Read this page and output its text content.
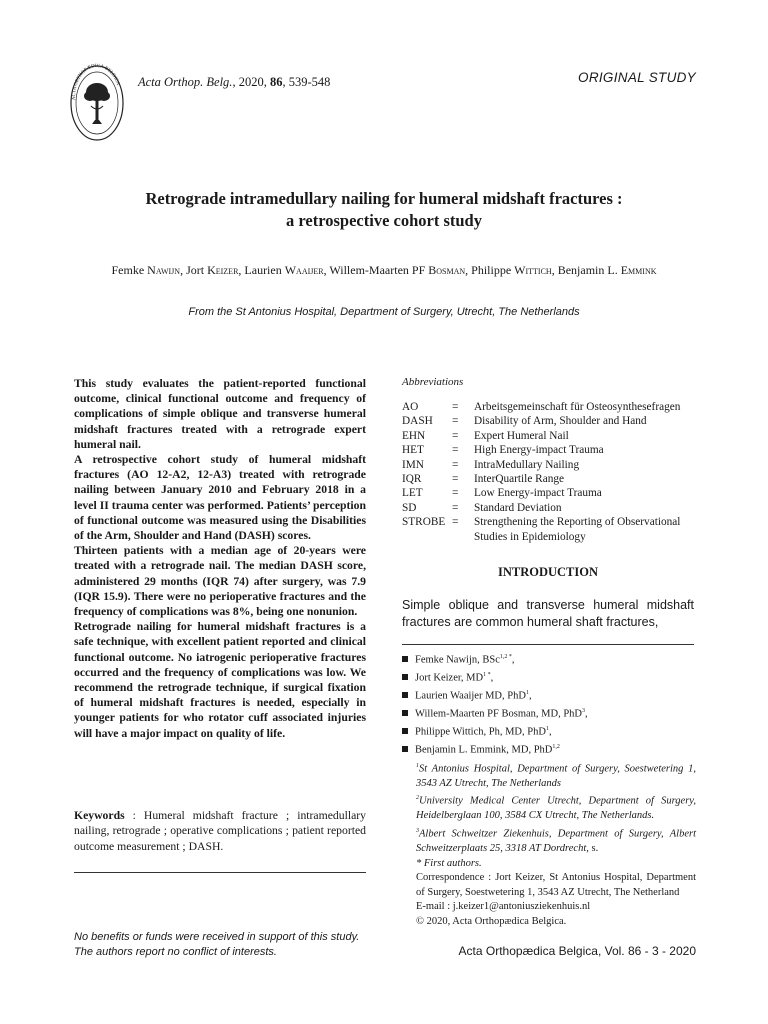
ACTA ORTHOPÆDICA BELGICA Acta Orthop. Belg., 2020, 86, 539-548	ORIGINAL STUDY
Retrograde intramedullary nailing for humeral midshaft fractures :
a retrospective cohort study
Femke Nawijn, Jort Keizer, Laurien Waaijer, Willem-Maarten PF Bosman, Philippe Wittich, Benjamin L. Emmink
From the St Antonius Hospital, Department of Surgery, Utrecht, The Netherlands

This study evaluates the patient-reported functional outcome, clinical functional outcome and frequency of complications of simple oblique and transverse humeral midshaft fractures treated with a retrograde expert humeral nail.

A retrospective cohort study of humeral midshaft fractures (AO 12-A2, 12-A3) treated with retrograde nailing between January 2010 and February 2018 in a level II trauma center was performed. Patients’ perception of functional outcome was measured using the Disabilities of the Arm, Shoulder and Hand (DASH) scores.

Thirteen patients with a median age of 20-years were treated with a retrograde nail. The median DASH score, administered 29 months (IQR 74) after surgery, was 7.9 (IQR 15.9). There were no perioperative fractures and the frequency of complications was 8%, being one nonunion.

Retrograde nailing for humeral midshaft fractures is a safe technique, with excellent patient reported and clinical functional outcome. No iatrogenic perioperative fractures occurred and the frequency of complications was low. We recommend the retrograde technique, if surgical fixation of humeral midshaft fractures is needed, especially in younger patients for who rotator cuff associated injuries will have a major impact on quality of life.

Keywords : Humeral midshaft fracture ; intramedullary nailing, retrograde ; operative complications ; patient reported outcome measurement ; DASH.
Abbreviations
AO	=	Arbeitsgemeinschaft für Osteosynthesefragen
DASH	=	Disability of Arm, Shoulder and Hand
EHN	=	Expert Humeral Nail
HET	=	High Energy-impact Trauma
IMN	=	IntraMedullary Nailing
IQR	=	InterQuartile Range
LET	=	Low Energy-impact Trauma
SD	=	Standard Deviation
STROBE	=	Strengthening the Reporting of Observational Studies in Epidemiology
INTRODUCTION
Simple oblique and transverse humeral midshaft fractures are common humeral shaft fractures,
Femke Nawijn, BSc$^{1,2 *}$,
Jort Keizer, $MD^{1 *}$,
Laurien Waaijer MD, PhD$^1$,
Willem-Maarten PF Bosman, MD, PhD$^3$,
Philippe Wittich, Ph, MD, PhD$^1$,
Benjamin L. Emmink, MD, PhD$^{1,2}$
$^1$St Antonius Hospital, Department of Surgery, Soestwetering 1, 3543 AZ Utrecht, The Netherlands
$^2$University Medical Center Utrecht, Department of Surgery, Heidelberglaan 100, 3584 CX Utrecht, The Netherlands.
$^3$Albert Schweitzer Ziekenhuis, Department of Surgery, Albert Schweitzerplaats 25, 3318 AT Dordrecht, s.
* First authors.
Correspondence : Jort Keizer, St Antonius Hospital, Department of Surgery, Soestwetering 1, 3543 AZ Utrecht, The Netherland
E-mail : j.keizer1@antoniusziekenhuis.nl
© 2020, Acta Orthopædica Belgica.
No benefits or funds were received in support of this study.
The authors report no conflict of interests.	Acta Orthopædica Belgica, Vol. 86 - 3 - 2020
